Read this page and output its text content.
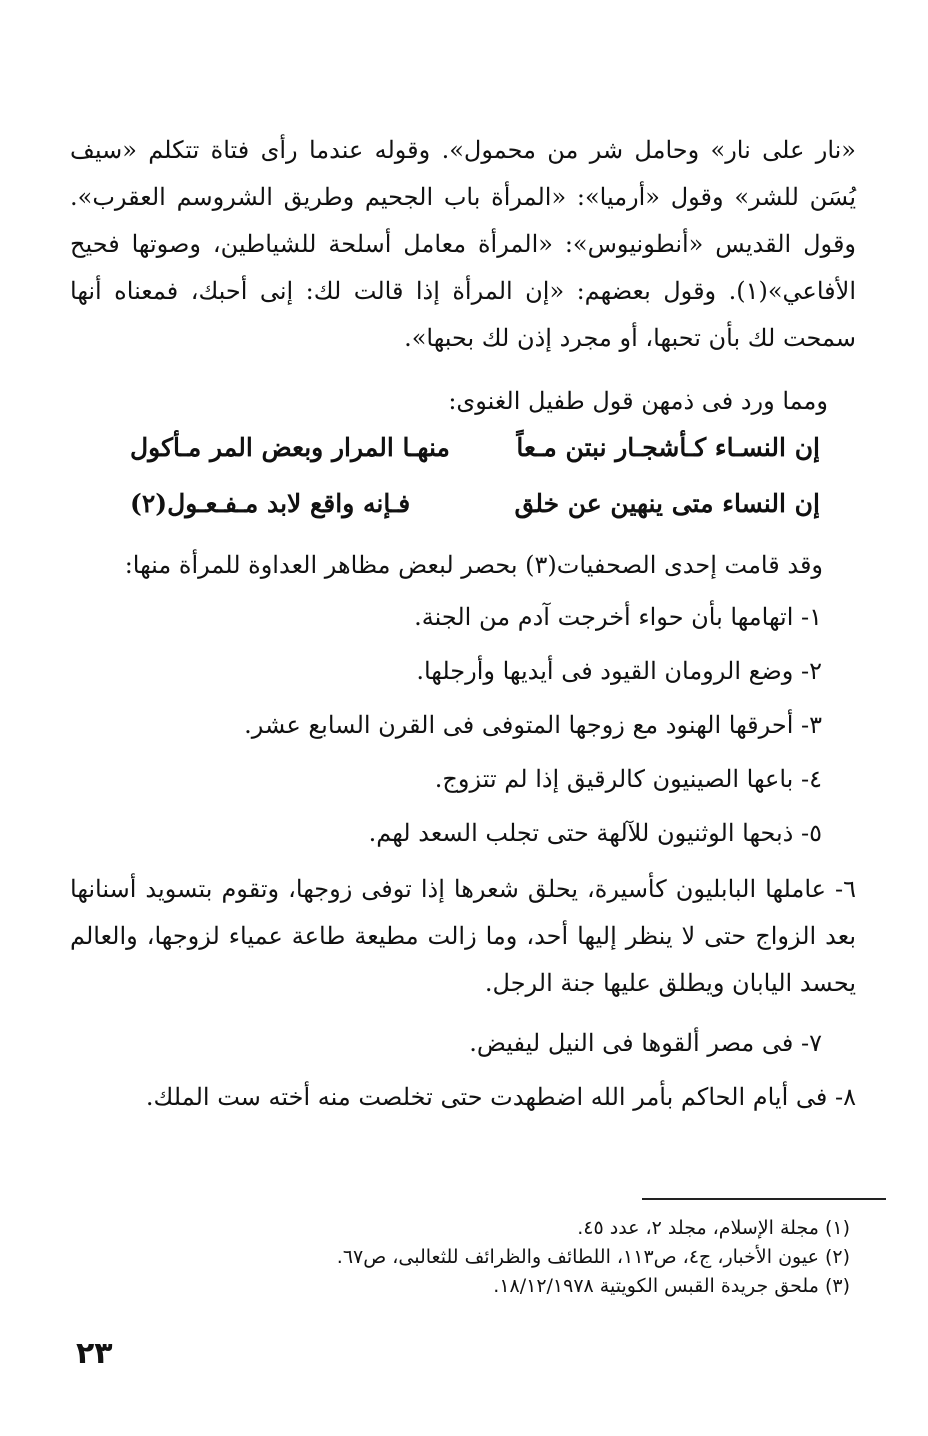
«نار على نار» وحامل شر من محمول». وقوله عندما رأى فتاة تتكلم «سيف يُسَن للشر» وقول «أرميا»: «المرأة باب الجحيم وطريق الشروسم العقرب». وقول القديس «أنطونيوس»: «المرأة معامل أسلحة للشياطين، وصوتها فحيح الأفاعي»(١). وقول بعضهم: «إن المرأة إذا قالت لك: إنى أحبك، فمعناه أنها سمحت لك بأن تحبها، أو مجرد إذن لك بحبها».
ومما ورد فى ذمهن قول طفيل الغنوى:
إن النسـاء كـأشجـار نبتن مـعاً
منهـا المرار وبعض المر مـأكول
إن النساء متى ينهين عن خلق
فـإنه واقع لابد مـفـعـول(٢)
وقد قامت إحدى الصحفيات(٣) بحصر لبعض مظاهر العداوة للمرأة منها:
١- اتهامها بأن حواء أخرجت آدم من الجنة.
٢- وضع الرومان القيود فى أيديها وأرجلها.
٣- أحرقها الهنود مع زوجها المتوفى فى القرن السابع عشر.
٤- باعها الصينيون كالرقيق إذا لم تتزوج.
٥- ذبحها الوثنيون للآلهة حتى تجلب السعد لهم.
٦- عاملها البابليون كأسيرة، يحلق شعرها إذا توفى زوجها، وتقوم بتسويد أسنانها بعد الزواج حتى لا ينظر إليها أحد، وما زالت مطيعة طاعة عمياء لزوجها، والعالم يحسد اليابان ويطلق عليها جنة الرجل.
٧- فى مصر ألقوها فى النيل ليفيض.
٨- فى أيام الحاكم بأمر الله اضطهدت حتى تخلصت منه أخته ست الملك.
(١) مجلة الإسلام، مجلد ٢، عدد ٤٥.
(٢) عيون الأخبار، ج٤، ص١١٣، اللطائف والظرائف للثعالبى، ص٦٧.
(٣) ملحق جريدة القبس الكويتية ١٨/١٢/١٩٧٨.
٢٣
